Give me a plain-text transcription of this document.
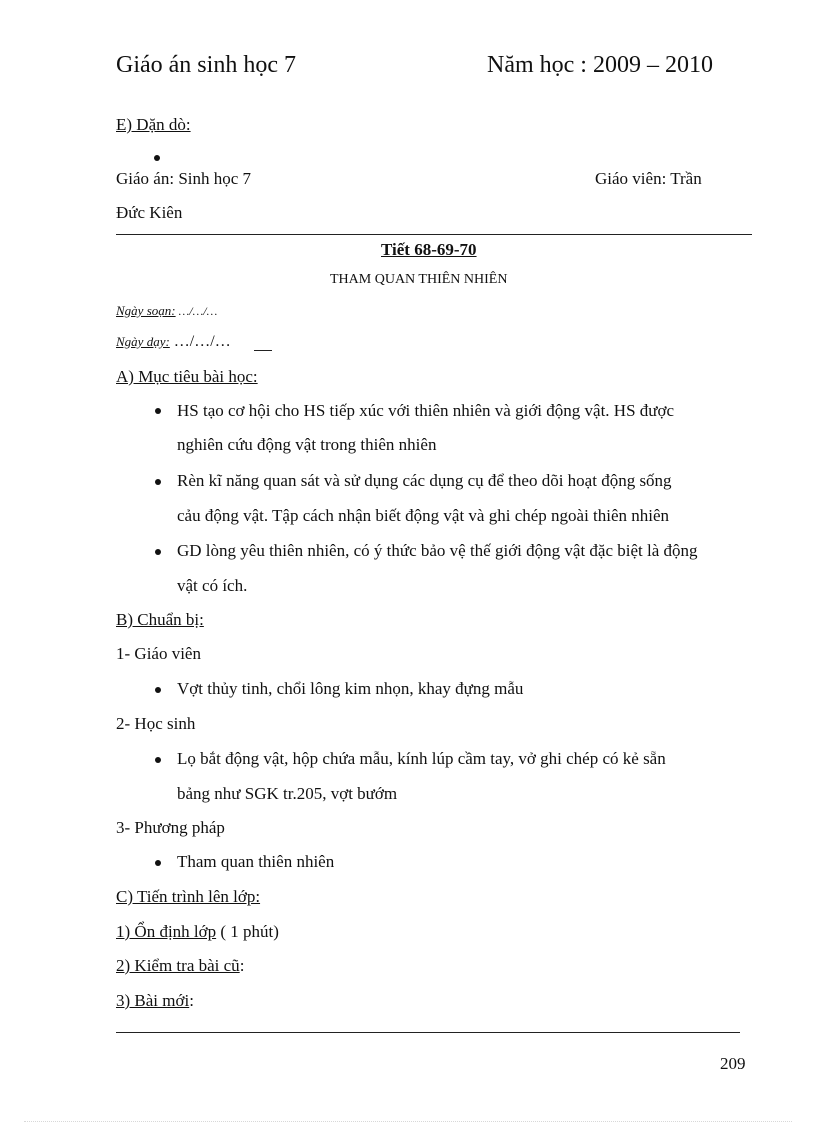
Giáo án sinh học 7	Năm học : 2009 – 2010
E) Dặn dò:
Giáo án: Sinh học 7	Giáo viên: Trần
Đức Kiên
Tiết 68-69-70
THAM QUAN THIÊN NHIÊN
Ngày soạn: …/…/…
Ngày dạy: …/…/…
A) Mục tiêu bài học:
HS tạo cơ hội cho HS tiếp xúc với thiên nhiên và giới động vật. HS được
nghiên cứu động vật trong thiên nhiên
Rèn kĩ năng quan sát và sử dụng các dụng cụ để theo dõi hoạt động sống
cảu động vật. Tập cách nhận biết động vật và ghi chép ngoài thiên nhiên
GD lòng yêu thiên nhiên, có ý thức bảo vệ thế giới động vật đặc biệt là động
vật có ích.
B) Chuẩn bị:
1- Giáo viên
Vợt thủy tinh, chổi lông kim nhọn, khay đựng mẫu
2- Học sinh
Lọ bắt động vật, hộp chứa mẫu, kính lúp cầm tay, vở ghi chép có kẻ sẵn
bảng như SGK tr.205, vợt bướm
3- Phương pháp
Tham quan thiên nhiên
C) Tiến trình lên lớp:
1) Ổn định lớp ( 1 phút)
2) Kiểm tra bài cũ:
3) Bài mới:
209
